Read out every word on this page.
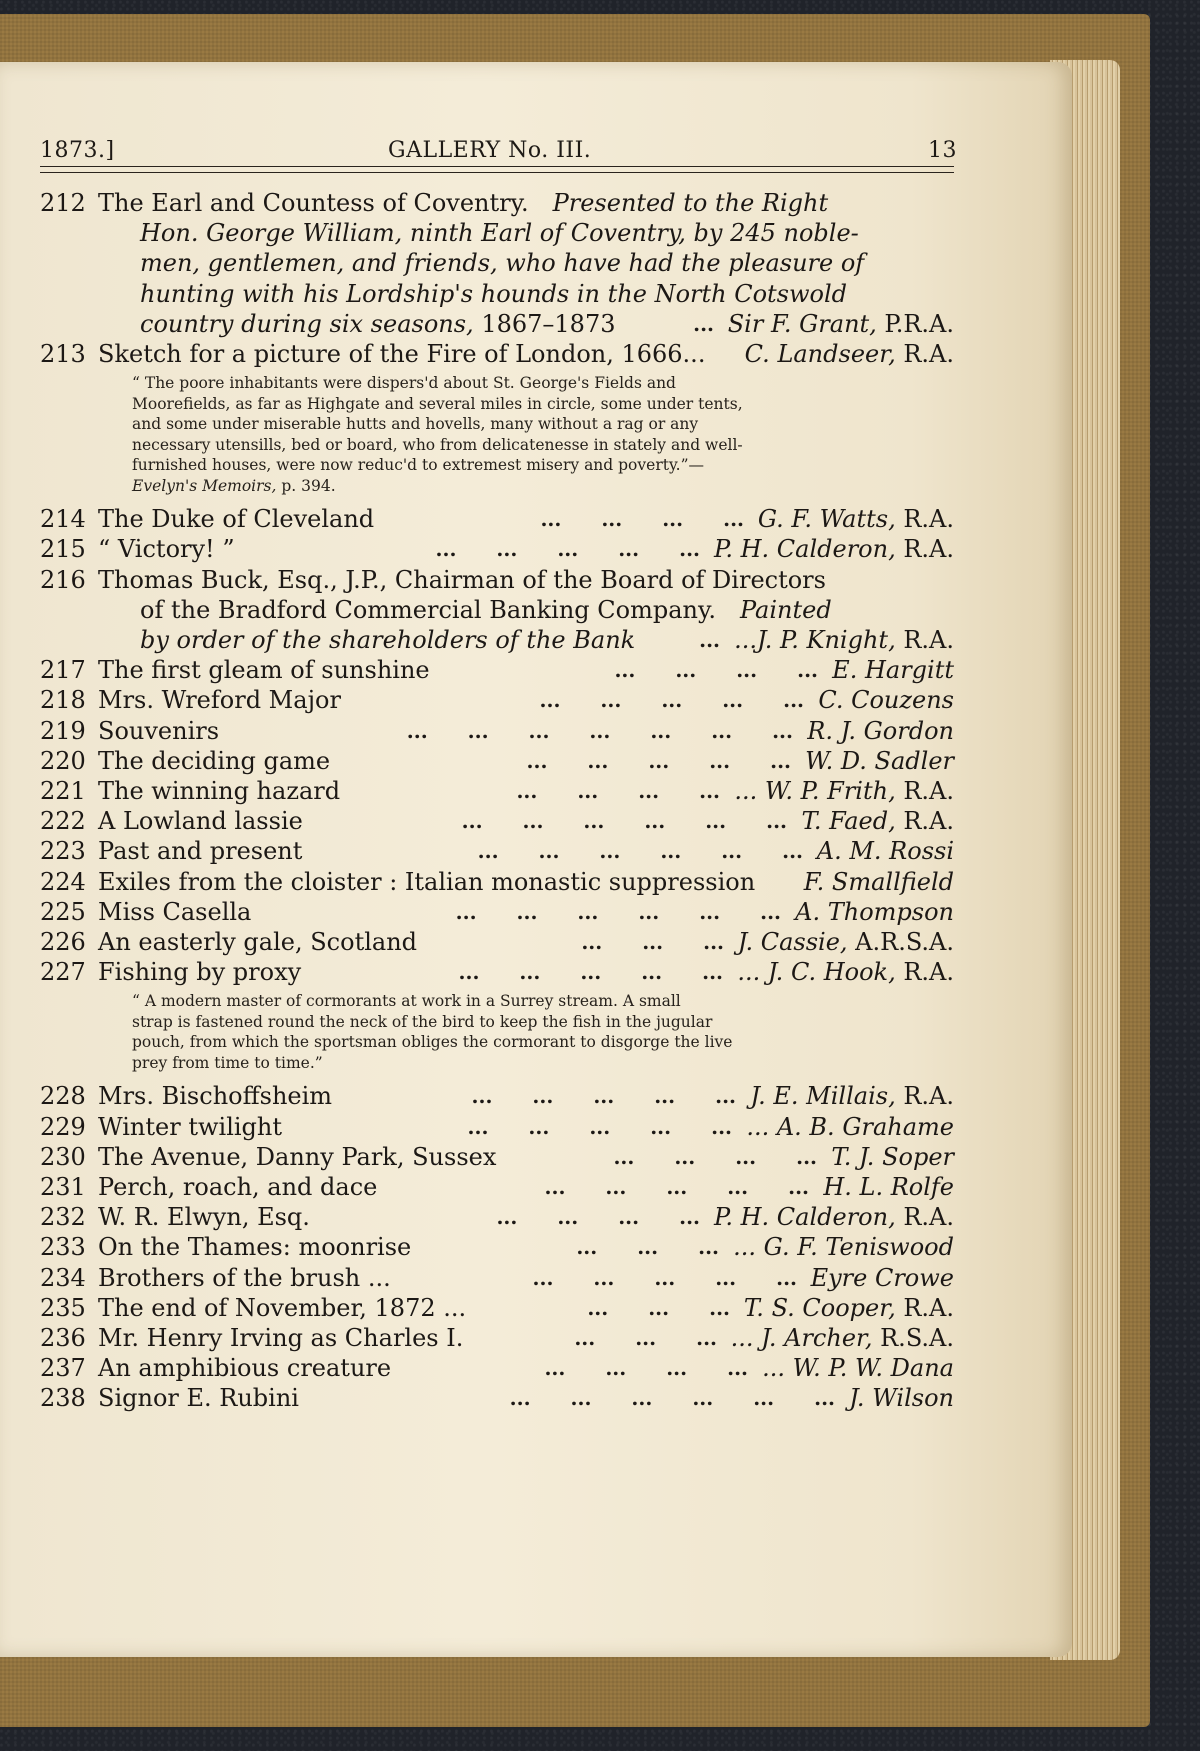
1873.]	GALLERY No. III.	13
212 The Earl and Countess of Coventry.  Presented to the Right
Hon. George William, ninth Earl of Coventry, by 245 noble-
men, gentlemen, and friends, who have had the pleasure of
hunting with his Lordship's hounds in the North Cotswold
country during six seasons, 1867–1873	Sir F. Grant, P.R.A.
...
213 Sketch for a picture of the Fire of London, 1666... C. Landseer, R.A.
“ The poore inhabitants were dispers'd about St. George's Fields and
Moorefields, as far as Highgate and several miles in circle, some under tents,
and some under miserable hutts and hovells, many without a rag or any
necessary utensills, bed or board, who from delicatenesse in stately and well-
furnished houses, were now reduc'd to extremest misery and poverty.”—
Evelyn's Memoirs, p. 394.
214 The Duke of Cleveland	G. F. Watts, R.A.
...  ...  ...  ...
215 “ Victory! ”	P. H. Calderon, R.A.
...  ...  ...  ...  ...
216 Thomas Buck, Esq., J.P., Chairman of the Board of Directors
of the Bradford Commercial Banking Company.  Painted
by order of the shareholders of the Bank	...J. P. Knight, R.A.
...
217 The first gleam of sunshine	E. Hargitt
...  ...  ...  ...
218 Mrs. Wreford Major	C. Couzens
...  ...  ...  ...  ...
219 Souvenirs	R. J. Gordon
...  ...  ...  ...  ...  ...  ...
220 The deciding game	W. D. Sadler
...  ...  ...  ...  ...
221 The winning hazard	... W. P. Frith, R.A.
...  ...  ...  ...
222 A Lowland lassie	T. Faed, R.A.
...  ...  ...  ...  ...  ...
223 Past and present	A. M. Rossi
...  ...  ...  ...  ...  ...
224 Exiles from the cloister : Italian monastic suppression F. Smallfield
225 Miss Casella	A. Thompson
...  ...  ...  ...  ...  ...
226 An easterly gale, Scotland	J. Cassie, A.R.S.A.
...  ...  ...
227 Fishing by proxy	... J. C. Hook, R.A.
...  ...  ...  ...  ...
“ A modern master of cormorants at work in a Surrey stream. A small
strap is fastened round the neck of the bird to keep the fish in the jugular
pouch, from which the sportsman obliges the cormorant to disgorge the live
prey from time to time.”
228 Mrs. Bischoffsheim	J. E. Millais, R.A.
...  ...  ...  ...  ...
229 Winter twilight	... A. B. Grahame
...  ...  ...  ...  ...
230 The Avenue, Danny Park, Sussex	T. J. Soper
...  ...  ...  ...
231 Perch, roach, and dace	H. L. Rolfe
...  ...  ...  ...  ...
232 W. R. Elwyn, Esq.	P. H. Calderon, R.A.
...  ...  ...  ...
233 On the Thames: moonrise	... G. F. Teniswood
...  ...  ...
234 Brothers of the brush ...	Eyre Crowe
...  ...  ...  ...  ...
235 The end of November, 1872 ...	T. S. Cooper, R.A.
...  ...  ...
236 Mr. Henry Irving as Charles I.	... J. Archer, R.S.A.
...  ...  ...
237 An amphibious creature	... W. P. W. Dana
...  ...  ...  ...
238 Signor E. Rubini	J. Wilson
...  ...  ...  ...  ...  ...
